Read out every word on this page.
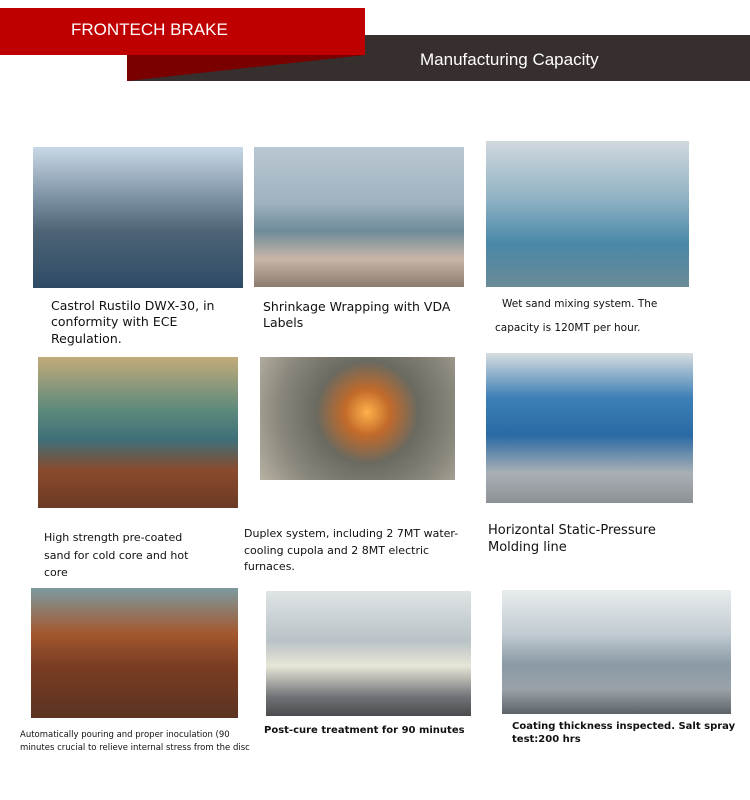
FRONTECH BRAKE
Manufacturing Capacity
Castrol Rustilo DWX-30, in conformity with ECE Regulation.
Shrinkage Wrapping with VDA Labels
Wet sand mixing system. The
capacity is 120MT per hour.
High strength pre-coated sand for cold core and hot core
Duplex system, including 2 7MT water-cooling cupola and 2 8MT electric furnaces.
Horizontal Static-Pressure Molding line
Automatically pouring and proper inoculation (90 minutes crucial to relieve internal stress from the disc
Post-cure treatment for 90 minutes	Coating thickness inspected. Salt spray test:200 hrs
